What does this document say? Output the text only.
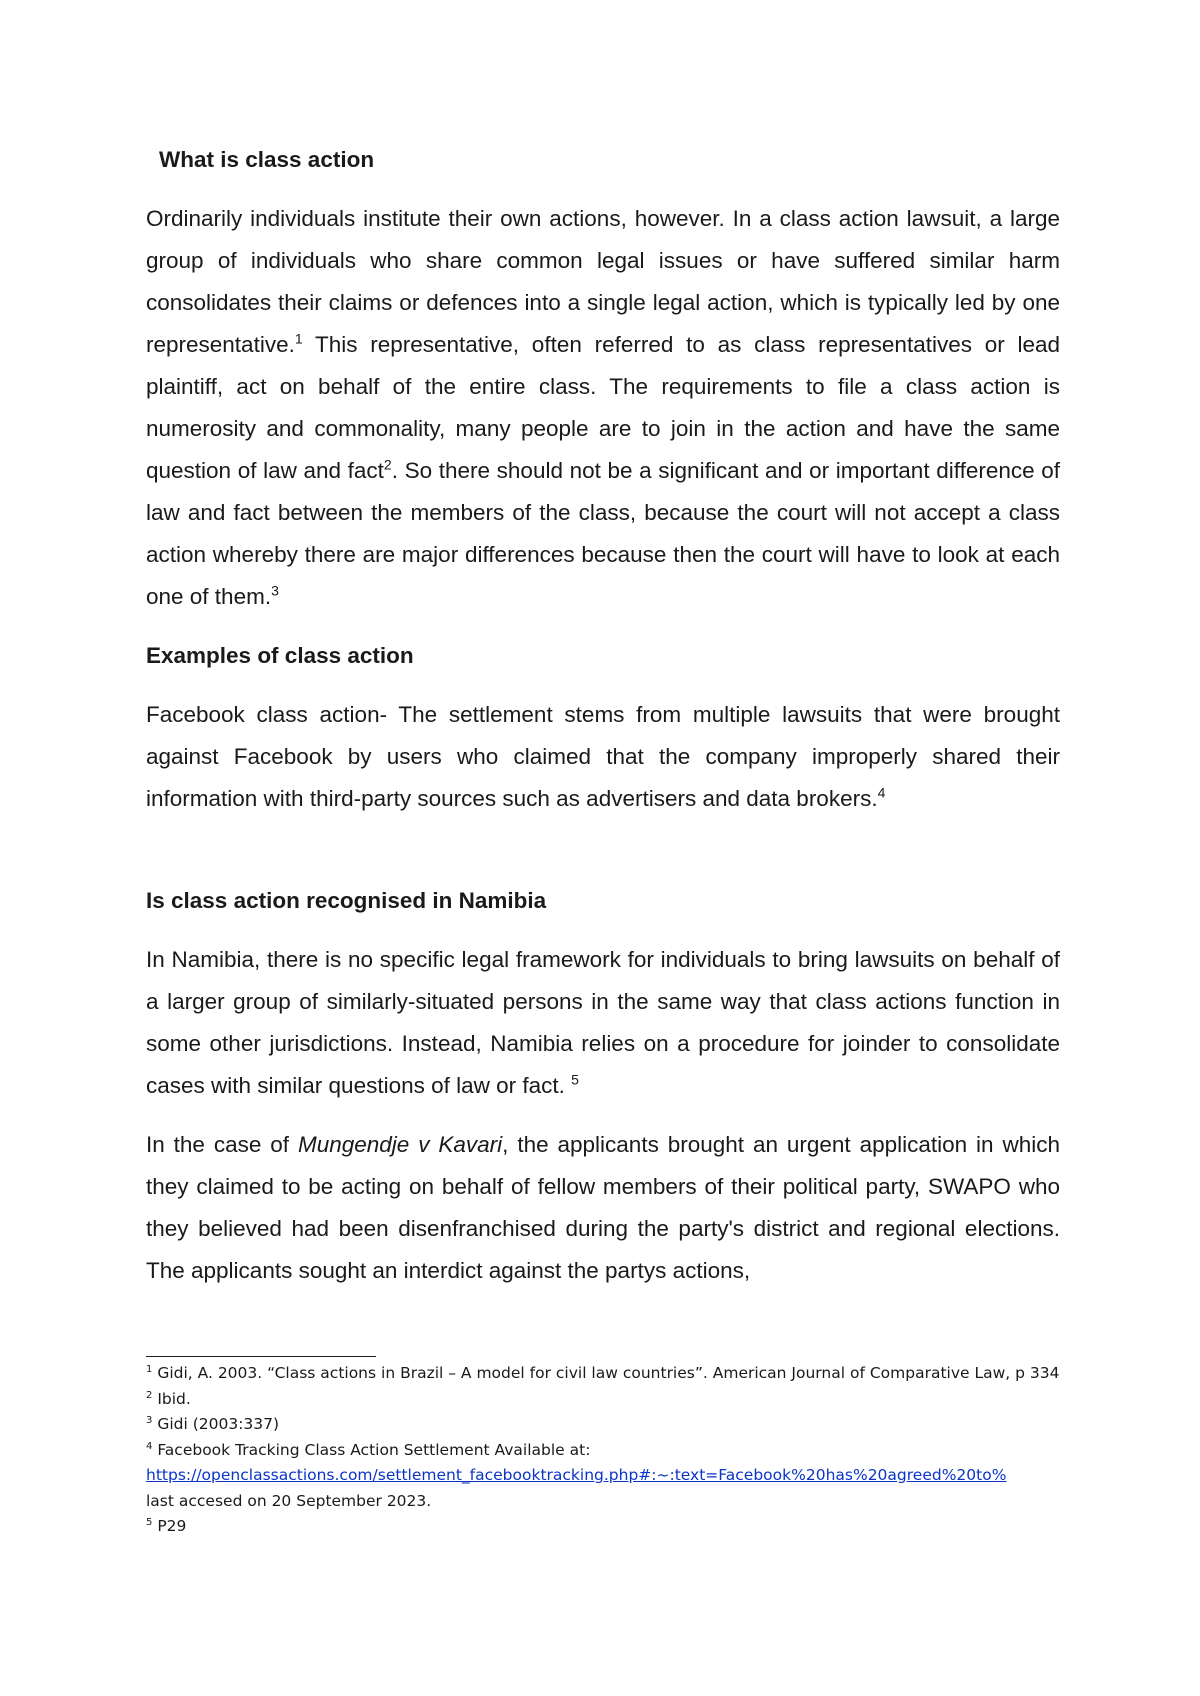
What is class action

Ordinarily individuals institute their own actions, however. In a class action lawsuit, a large group of individuals who share common legal issues or have suffered similar harm consolidates their claims or defences into a single legal action, which is typically led by one representative.$^1$ This representative, often referred to as class representatives or lead plaintiff, act on behalf of the entire class. The requirements to file a class action is numerosity and commonality, many people are to join in the action and have the same question of law and fact$^2$. So there should not be a significant and or important difference of law and fact between the members of the class, because the court will not accept a class action whereby there are major differences because then the court will have to look at each one of them.$^3$

Examples of class action

Facebook class action- The settlement stems from multiple lawsuits that were brought against Facebook by users who claimed that the company improperly shared their information with third-party sources such as advertisers and data brokers.$^4$

Is class action recognised in Namibia

In Namibia, there is no specific legal framework for individuals to bring lawsuits on behalf of a larger group of similarly-situated persons in the same way that class actions function in some other jurisdictions. Instead, Namibia relies on a procedure for joinder to consolidate cases with similar questions of law or fact. $^5$

In the case of Mungendje v Kavari, the applicants brought an urgent application in which they claimed to be acting on behalf of fellow members of their political party, SWAPO who they believed had been disenfranchised during the party's district and regional elections. The applicants sought an interdict against the partys actions,

$^1$ Gidi, A. 2003. “Class actions in Brazil – A model for civil law countries”. American Journal of Comparative Law, p 334

$^2$ Ibid.

$^3$ Gidi (2003:337)

$^4$ Facebook Tracking Class Action Settlement Available at:
https://openclassactions.com/settlement_facebooktracking.php#:~:text=Facebook%20has%20agreed%20to%
last accesed on 20 September 2023.

$^5$ P29
